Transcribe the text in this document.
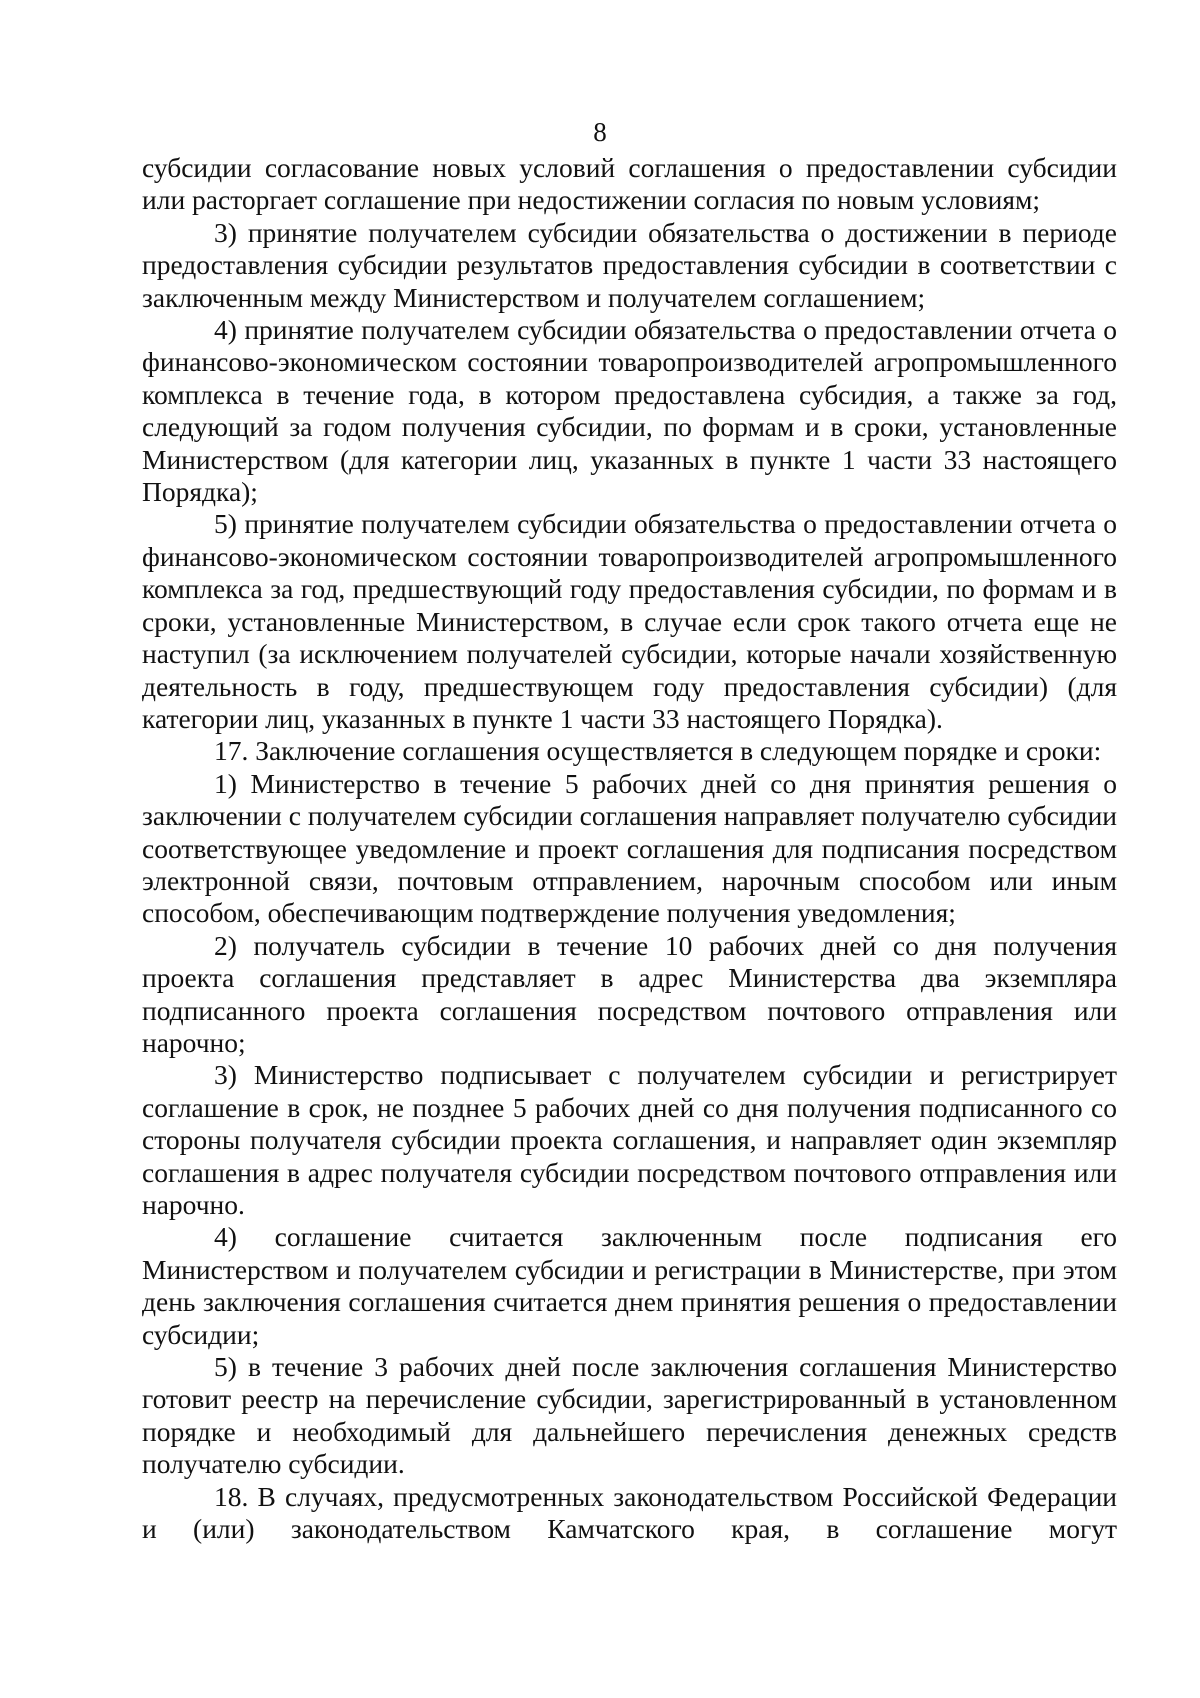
8

субсидии согласование новых условий соглашения о предоставлении субсидии или расторгает соглашение при недостижении согласия по новым условиям;

3) принятие получателем субсидии обязательства о достижении в периоде предоставления субсидии результатов предоставления субсидии в соответствии с заключенным между Министерством и получателем соглашением;

4) принятие получателем субсидии обязательства о предоставлении отчета о финансово-экономическом состоянии товаропроизводителей агропромышленного комплекса в течение года, в котором предоставлена субсидия, а также за год, следующий за годом получения субсидии, по формам и в сроки, установленные Министерством (для категории лиц, указанных в пункте 1 части 33 настоящего Порядка);

5) принятие получателем субсидии обязательства о предоставлении отчета о финансово-экономическом состоянии товаропроизводителей агропромышленного комплекса за год, предшествующий году предоставления субсидии, по формам и в сроки, установленные Министерством, в случае если срок такого отчета еще не наступил (за исключением получателей субсидии, которые начали хозяйственную деятельность в году, предшествующем году предоставления субсидии) (для категории лиц, указанных в пункте 1 части 33 настоящего Порядка).

17. Заключение соглашения осуществляется в следующем порядке и сроки:

1) Министерство в течение 5 рабочих дней со дня принятия решения о заключении с получателем субсидии соглашения направляет получателю субсидии соответствующее уведомление и проект соглашения для подписания посредством электронной связи, почтовым отправлением, нарочным способом или иным способом, обеспечивающим подтверждение получения уведомления;

2) получатель субсидии в течение 10 рабочих дней со дня получения проекта соглашения представляет в адрес Министерства два экземпляра подписанного проекта соглашения посредством почтового отправления или нарочно;

3) Министерство подписывает с получателем субсидии и регистрирует соглашение в срок, не позднее 5 рабочих дней со дня получения подписанного со стороны получателя субсидии проекта соглашения, и направляет один экземпляр соглашения в адрес получателя субсидии посредством почтового отправления или нарочно.

4) соглашение считается заключенным после подписания его Министерством и получателем субсидии и регистрации в Министерстве, при этом день заключения соглашения считается днем принятия решения о предоставлении субсидии;

5) в течение 3 рабочих дней после заключения соглашения Министерство готовит реестр на перечисление субсидии, зарегистрированный в установленном порядке и необходимый для дальнейшего перечисления денежных средств получателю субсидии.

18. В случаях, предусмотренных законодательством Российской Федерации и (или) законодательством Камчатского края, в соглашение могут
